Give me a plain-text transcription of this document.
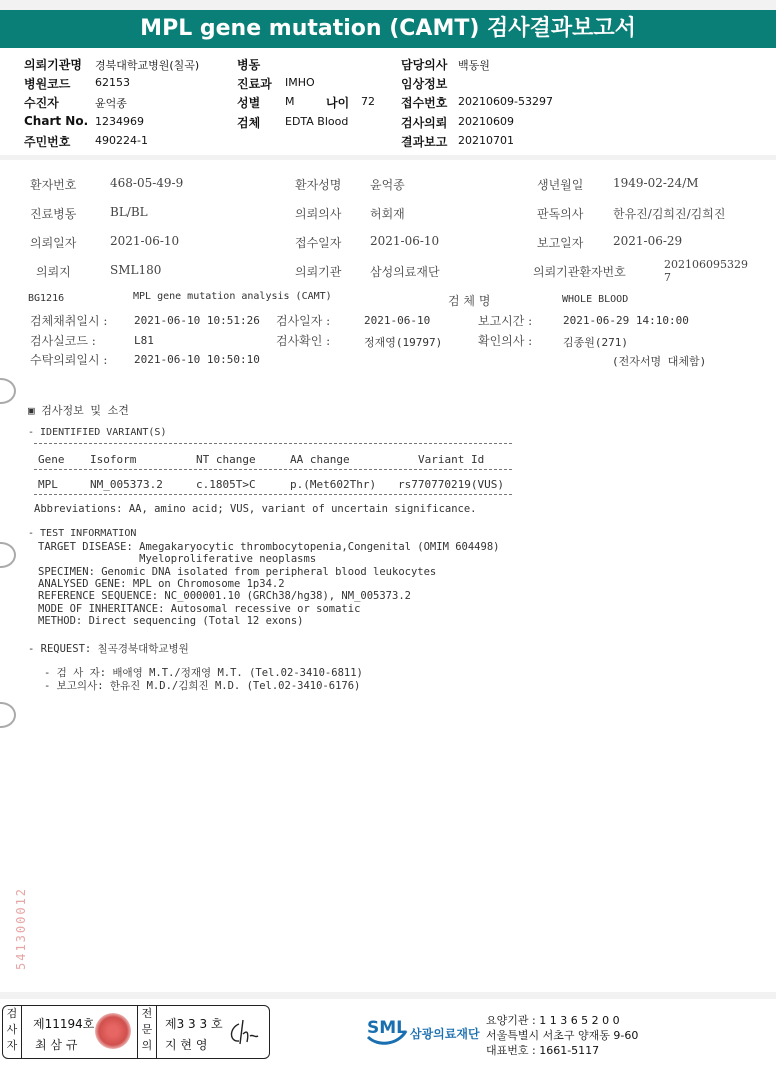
MPL gene mutation (CAMT) 검사결과보고서
의뢰기관명 경북대학교병원(칠곡)
병원코드 62153
수진자	윤억종
Chart No. 1234969
주민번호 490224-1
병동
진료과 IMHO
성별 M	나이 72
검체 EDTA Blood
담당의사 백동원
임상정보
접수번호 20210609-53297
검사의뢰 20210609
결과보고 20210701
환자번호	468-05-49-9	환자성명 윤억종	생년월일 1949-02-24/M
진료병동	BL/BL	의뢰의사 허회재	판독의사 한유진/김희진/김희진
의뢰일자	2021-06-10	접수일자 2021-06-10	보고일자 2021-06-29
의뢰지	SML180	의뢰기관 삼성의료재단	의뢰기관환자번호
202106095329
7
BG1216	MPL gene mutation analysis (CAMT)	검 체 명	WHOLE BLOOD
검체채취일시 : 2021-06-10 10:51:26 검사일자 :	2021-06-10	보고시간 :	2021-06-29 14:10:00
검사실코드 :	L81	검사확인 :	정재영(19797)	확인의사 :	김종원(271)
수탁의뢰일시 : 2021-06-10 10:50:10	(전자서명 대체함)
▣ 검사정보 및 소견
- IDENTIFIED VARIANT(S)
Gene Isoform	NT change	AA change	Variant Id
MPL	NM_005373.2	c.1805T>C	p.(Met602Thr) rs770770219(VUS)
Abbreviations: AA, amino acid; VUS, variant of uncertain significance.
- TEST INFORMATION
TARGET DISEASE: Amegakaryocytic thrombocytopenia,Congenital (OMIM 604498)
Myeloproliferative neoplasms
SPECIMEN: Genomic DNA isolated from peripheral blood leukocytes
ANALYSED GENE: MPL on Chromosome 1p34.2
REFERENCE SEQUENCE: NC_000001.10 (GRCh38/hg38), NM_005373.2
MODE OF INHERITANCE: Autosomal recessive or somatic
METHOD: Direct sequencing (Total 12 exons)
- REQUEST: 칠곡경북대학교병원
- 검 사 자: 배애영 M.T./정재영 M.T. (Tel.02-3410-6811)
- 보고의사: 한유진 M.D./김희진 M.D. (Tel.02-3410-6176)
541300012
검
사
자
제11194호
최 삼 규
전
문
의
제3 3 3 호
지 현 영
SML 삼광의료재단
요양기관 : 1 1 3 6 5 2 0 0
서울특별시 서초구 양재동 9-60
대표번호 : 1661-5117
